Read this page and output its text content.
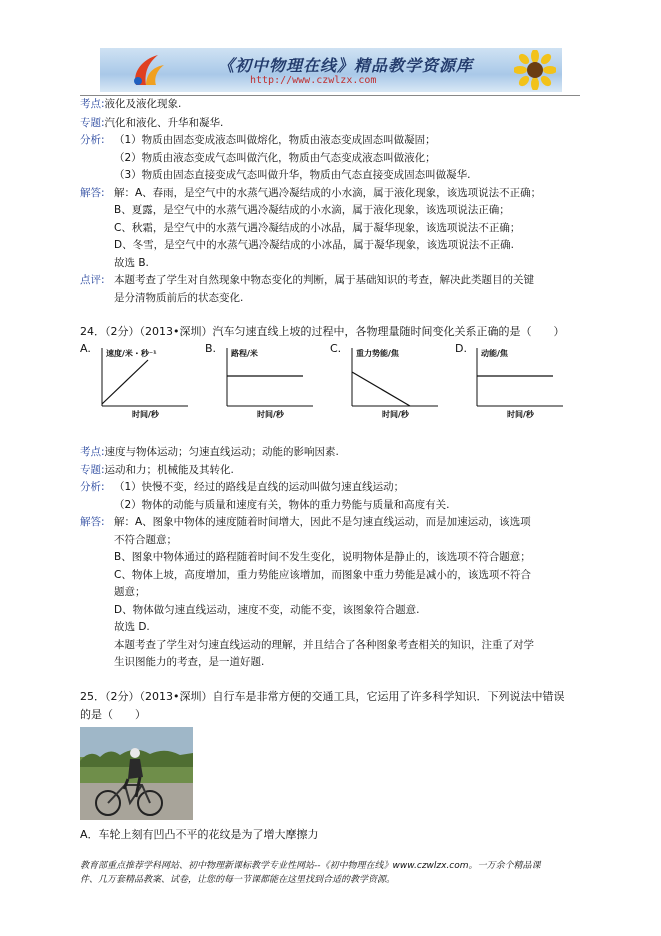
《初中物理在线》精品教学资源库
http://www.czwlzx.com
考点:液化及液化现象.
专题:汽化和液化、升华和凝华.
分析: （1）物质由固态变成液态叫做熔化，物质由液态变成固态叫做凝固；
（2）物质由液态变成气态叫做汽化，物质由气态变成液态叫做液化；
（3）物质由固态直接变成气态叫做升华，物质由气态直接变成固态叫做凝华.
解答: 解：A、春雨，是空气中的水蒸气遇冷凝结成的小水滴，属于液化现象，该选项说法不正确；
B、夏露，是空气中的水蒸气遇冷凝结成的小水滴，属于液化现象，该选项说法正确；
C、秋霜，是空气中的水蒸气遇冷凝结成的小冰晶，属于凝华现象，该选项说法不正确；
D、冬雪，是空气中的水蒸气遇冷凝结成的小冰晶，属于凝华现象，该选项说法不正确.
故选 B.
点评: 本题考查了学生对自然现象中物态变化的判断，属于基础知识的考查，解决此类题目的关键
是分清物质前后的状态变化.
24．（2分）（2013•深圳）汽车匀速直线上坡的过程中，各物理量随时间变化关系正确的是（　　）
A. 速度/米・秒⁻¹
时间/秒
B. 路程/米
时间/秒
C. 重力势能/焦
时间/秒
D. 动能/焦
时间/秒
考点:速度与物体运动；匀速直线运动；动能的影响因素.
专题:运动和力；机械能及其转化.
分析: （1）快慢不变，经过的路线是直线的运动叫做匀速直线运动；
（2）物体的动能与质量和速度有关，物体的重力势能与质量和高度有关.
解答: 解：A、图象中物体的速度随着时间增大，因此不是匀速直线运动，而是加速运动，该选项
不符合题意；
B、图象中物体通过的路程随着时间不发生变化，说明物体是静止的，该选项不符合题意；
C、物体上坡，高度增加，重力势能应该增加，而图象中重力势能是减小的，该选项不符合
题意；
D、物体做匀速直线运动，速度不变，动能不变，该图象符合题意.
故选 D.
本题考查了学生对匀速直线运动的理解，并且结合了各种图象考查相关的知识，注重了对学
生识图能力的考查，是一道好题.
25．（2分）（2013•深圳）自行车是非常方便的交通工具，它运用了许多科学知识．下列说法中错误
的是（　　）
A．车轮上刻有凹凸不平的花纹是为了增大摩擦力
教育部重点推荐学科网站、初中物理新课标教学专业性网站--《初中物理在线》www.czwlzx.com。一万余个精品课
件、几万套精品教案、试卷，让您的每一节课都能在这里找到合适的教学资源。
